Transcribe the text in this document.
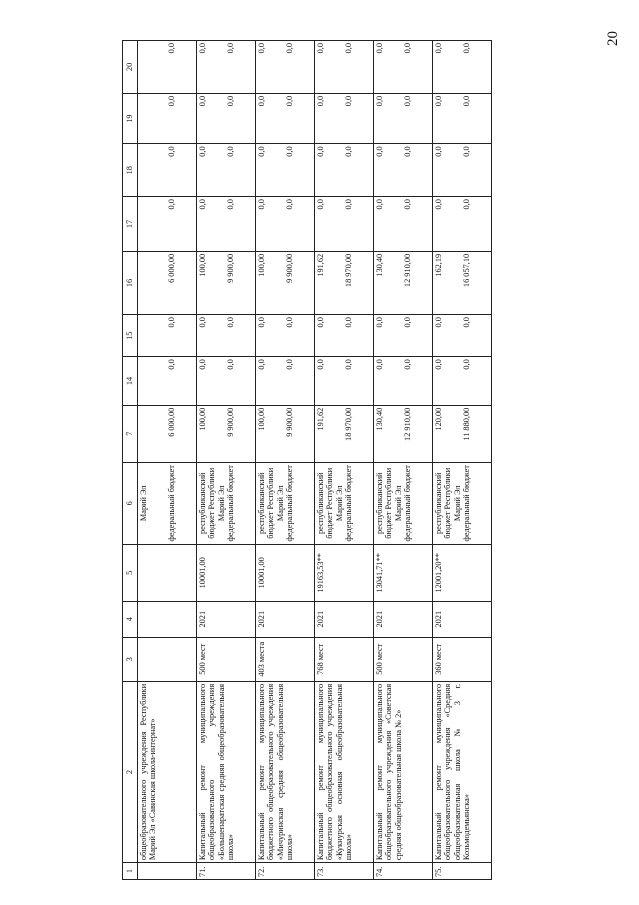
20
1	2	3	4	5	6	7	14	15	16	17	18	19	20
	общеобразовательного учреждения Республики Марий Эл «Савинская школа-интернат»				Марий Эл федеральный бюджет	6 000,00	0,0	0,0	6 000,00	0,0	0,0	0,0	0,0

71.	Капитальный ремонт муниципального общеобразовательного учреждения «Большепаратская средняя общеобразовательная школа»	500 мест	2021	10001,00	республиканский бюджет Республики Марий Эл федеральный бюджет	100,00 9 900,00	0,0 0,0	0,0 0,0	100,00 9 900,00	0,0 0,0	0,0 0,0	0,0 0,0	0,0 0,0

72.	Капитальный ремонт муниципального бюджетного общеобразовательного учреждения «Мичуринская средняя общеобразовательная школа»	403 места	2021	10001,00	республиканский бюджет Республики Марий Эл федеральный бюджет	100,00 9 900,00	0,0 0,0	0,0 0,0	100,00 9 900,00	0,0 0,0	0,0 0,0	0,0 0,0	0,0 0,0

73.	Капитальный ремонт муниципального бюджетного общеобразовательного учреждения «Кукнурская основная общеобразовательная школа»	768 мест	2021	19163,53**	республиканский бюджет Республики Марий Эл федеральный бюджет	191,62 18 970,00	0,0 0,0	0,0 0,0	191,62 18 970,00	0,0 0,0	0,0 0,0	0,0 0,0	0,0 0,0

74.	Капитальный ремонт муниципального общеобразовательного учреждения «Советская средняя общеобразовательная школа № 2»	500 мест	2021	13041,71**	республиканский бюджет Республики Марий Эл федеральный бюджет	130,40 12 910,00	0,0 0,0	0,0 0,0	130,40 12 910,00	0,0 0,0	0,0 0,0	0,0 0,0	0,0 0,0

75.	Капитальный ремонт муниципального общеобразовательного учреждения «Средняя общеобразовательная школа № 3 г. Козьмодемьянска»	360 мест	2021	12001,20**	республиканский бюджет Республики Марий Эл федеральный бюджет	120,00 11 880,00	0,0 0,0	0,0 0,0	162,19 16 057,10	0,0 0,0	0,0 0,0	0,0 0,0	0,0 0,0
